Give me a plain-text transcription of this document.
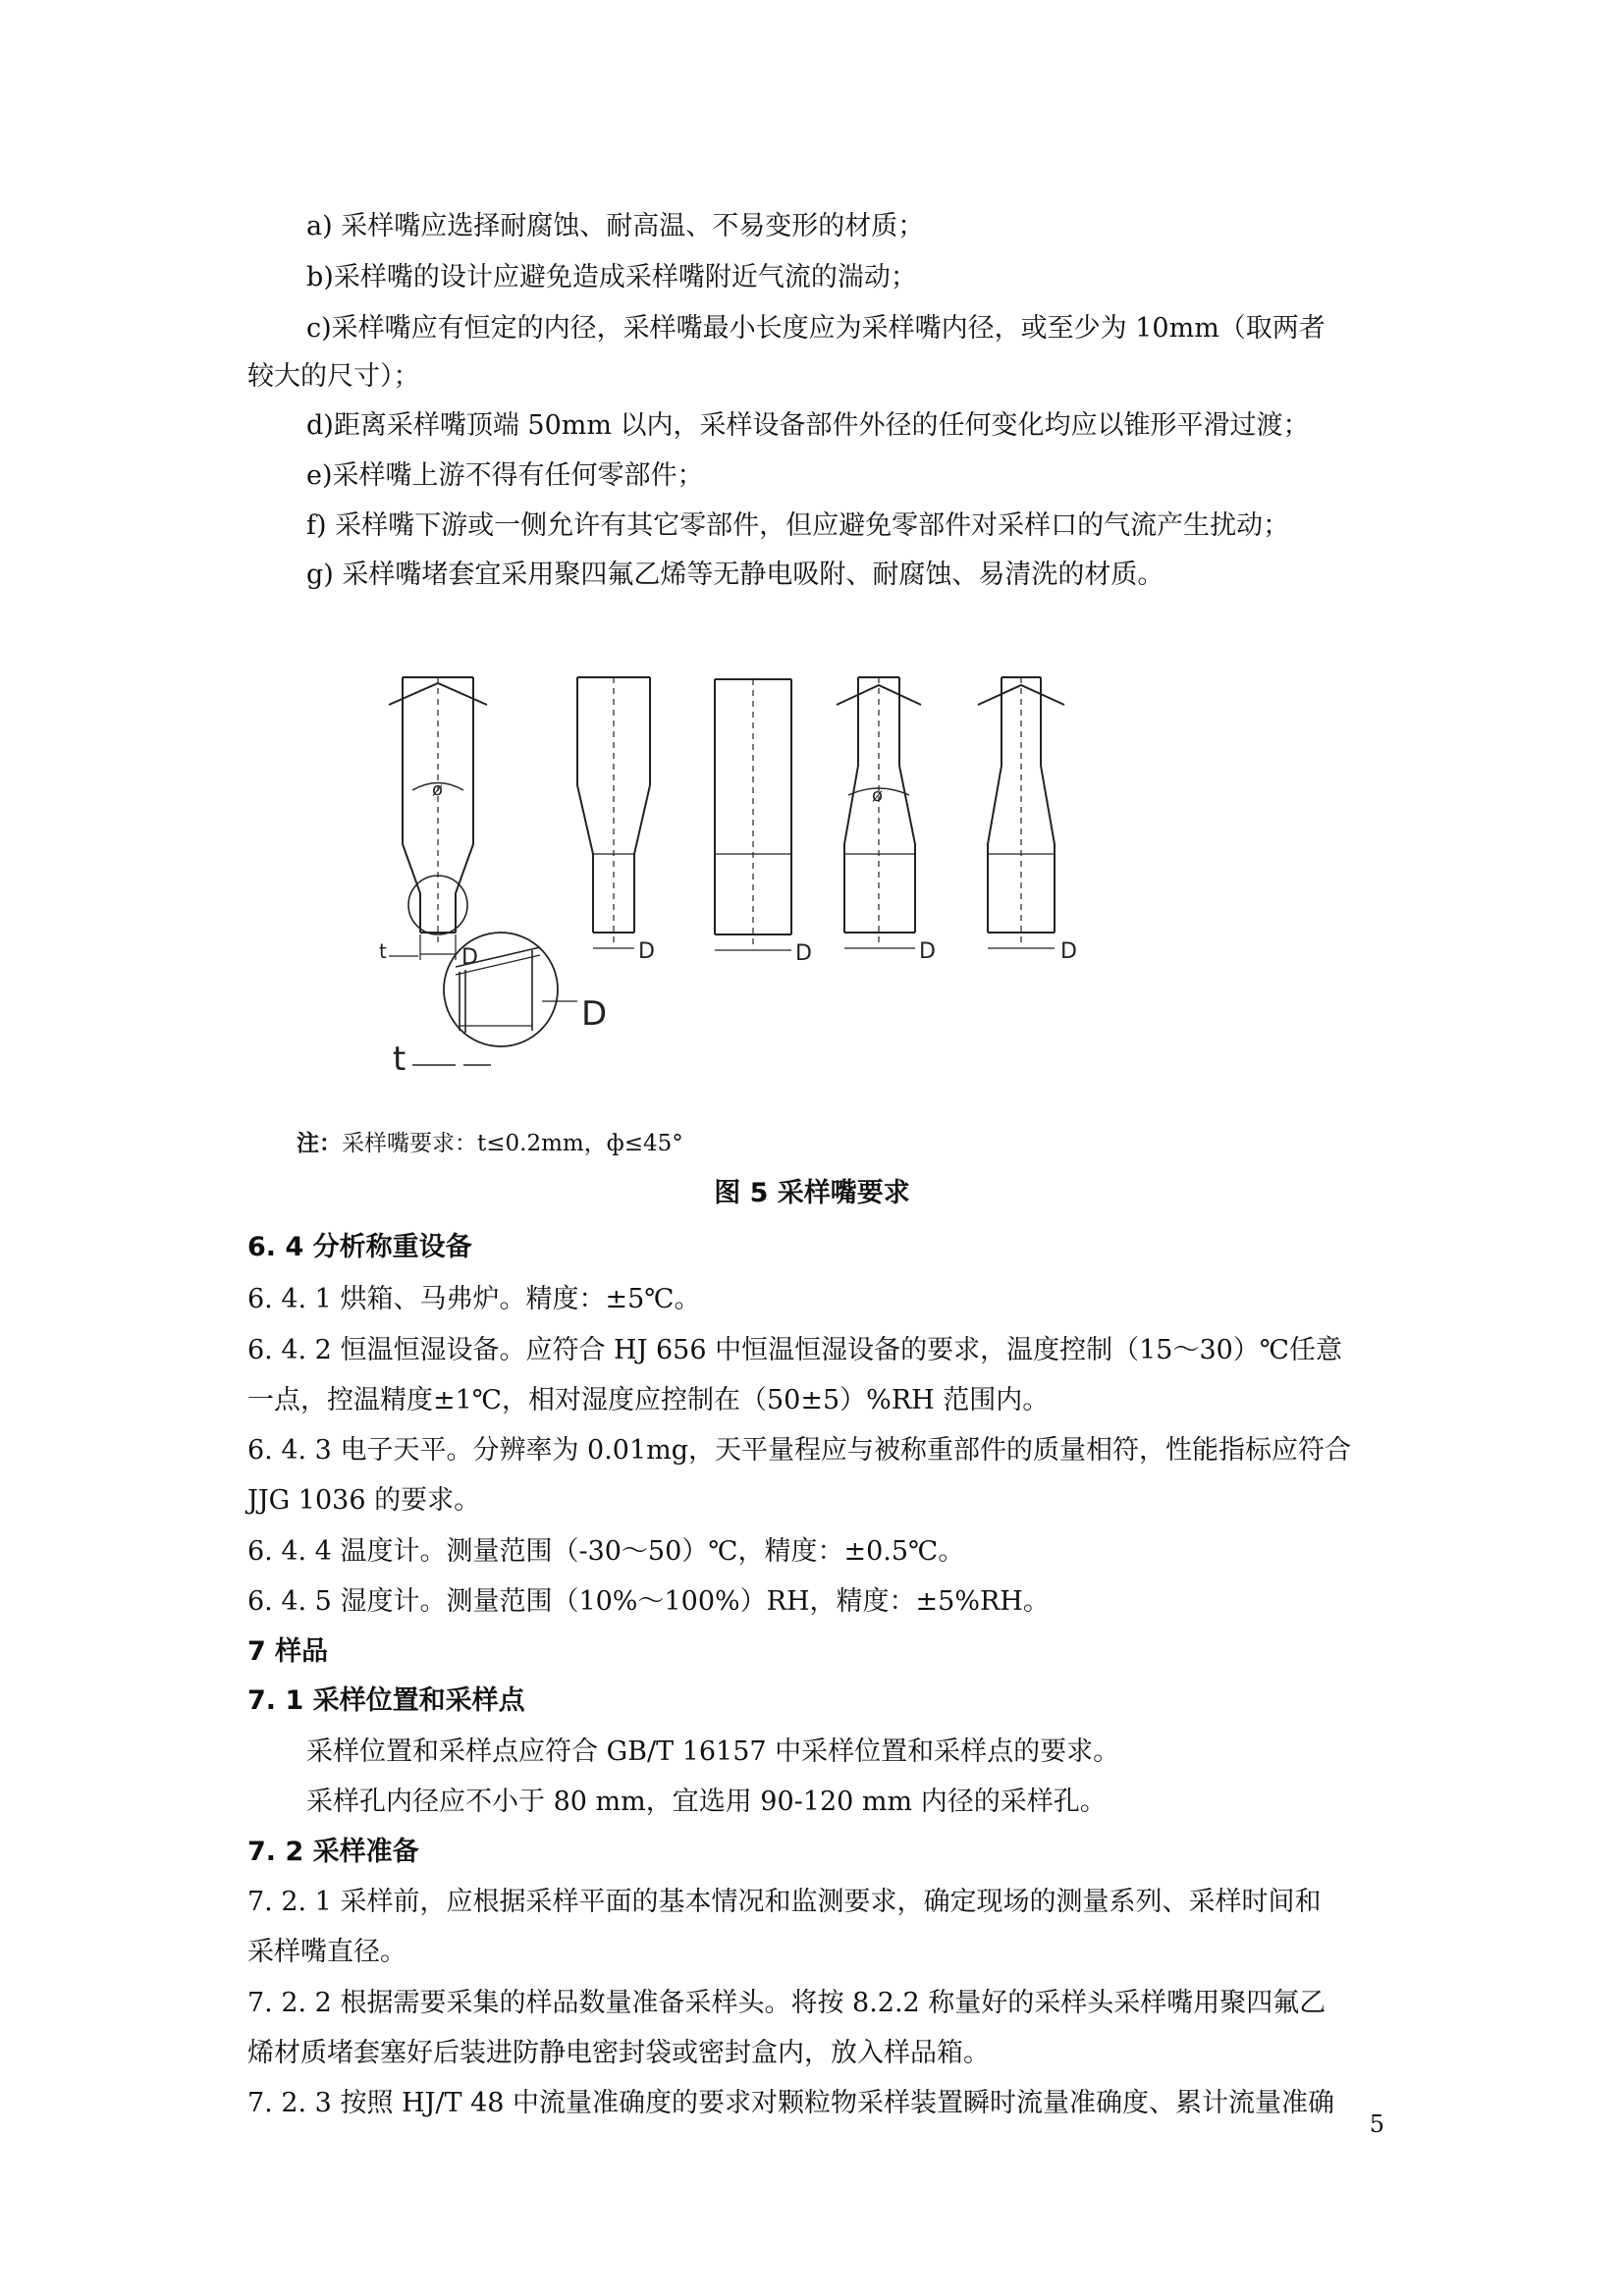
a) 采样嘴应选择耐腐蚀、耐高温、不易变形的材质；
b)采样嘴的设计应避免造成采样嘴附近气流的湍动；
c)采样嘴应有恒定的内径，采样嘴最小长度应为采样嘴内径，或至少为 10mm（取两者
较大的尺寸）；
d)距离采样嘴顶端 50mm 以内，采样设备部件外径的任何变化均应以锥形平滑过渡；
e)采样嘴上游不得有任何零部件；
f) 采样嘴下游或一侧允许有其它零部件，但应避免零部件对采样口的气流产生扰动；
g) 采样嘴堵套宜采用聚四氟乙烯等无静电吸附、耐腐蚀、易清洗的材质。
ø
D
t
D
t
D	D
ø
D	D
注：采样嘴要求：t≤0.2mm，ф≤45°
图 5 采样嘴要求
6. 4 分析称重设备
6. 4. 1 烘箱、马弗炉。精度：±5℃。
6. 4. 2 恒温恒湿设备。应符合 HJ 656 中恒温恒湿设备的要求，温度控制（15～30）℃任意
一点，控温精度±1℃，相对湿度应控制在（50±5）%RH 范围内。
6. 4. 3 电子天平。分辨率为 0.01mg，天平量程应与被称重部件的质量相符，性能指标应符合
JJG 1036 的要求。
6. 4. 4 温度计。测量范围（-30～50）℃，精度：±0.5℃。
6. 4. 5 湿度计。测量范围（10%～100%）RH，精度：±5%RH。
7 样品
7. 1 采样位置和采样点
采样位置和采样点应符合 GB/T 16157 中采样位置和采样点的要求。
采样孔内径应不小于 80 mm，宜选用 90-120 mm 内径的采样孔。
7. 2 采样准备
7. 2. 1 采样前，应根据采样平面的基本情况和监测要求，确定现场的测量系列、采样时间和
采样嘴直径。
7. 2. 2 根据需要采集的样品数量准备采样头。将按 8.2.2 称量好的采样头采样嘴用聚四氟乙
烯材质堵套塞好后装进防静电密封袋或密封盒内，放入样品箱。
7. 2. 3 按照 HJ/T 48 中流量准确度的要求对颗粒物采样装置瞬时流量准确度、累计流量准确
5
